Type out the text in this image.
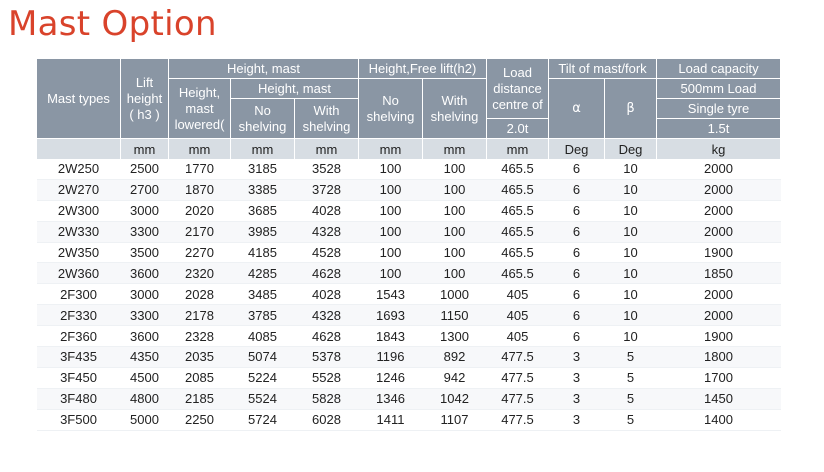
Mast Option
Mast types	Lift height ( h3 )	Height, mast			Height,Free lift(h2)		Load distance centre of	Tilt of mast/fork		Load capacity
		Height, mast lowered(	Height, mast		No shelving	With shelving		α	β	500mm Load
			No shelving	With shelving						Single tyre
							2.0t			1.5t
	mm	mm	mm	mm	mm	mm	mm	Deg	Deg	kg
2W250	2500	1770	3185	3528	100	100	465.5	6	10	2000
2W270	2700	1870	3385	3728	100	100	465.5	6	10	2000
2W300	3000	2020	3685	4028	100	100	465.5	6	10	2000
2W330	3300	2170	3985	4328	100	100	465.5	6	10	2000
2W350	3500	2270	4185	4528	100	100	465.5	6	10	1900
2W360	3600	2320	4285	4628	100	100	465.5	6	10	1850
2F300	3000	2028	3485	4028	1543	1000	405	6	10	2000
2F330	3300	2178	3785	4328	1693	1150	405	6	10	2000
2F360	3600	2328	4085	4628	1843	1300	405	6	10	1900
3F435	4350	2035	5074	5378	1196	892	477.5	3	5	1800
3F450	4500	2085	5224	5528	1246	942	477.5	3	5	1700
3F480	4800	2185	5524	5828	1346	1042	477.5	3	5	1450
3F500	5000	2250	5724	6028	1411	1107	477.5	3	5	1400
